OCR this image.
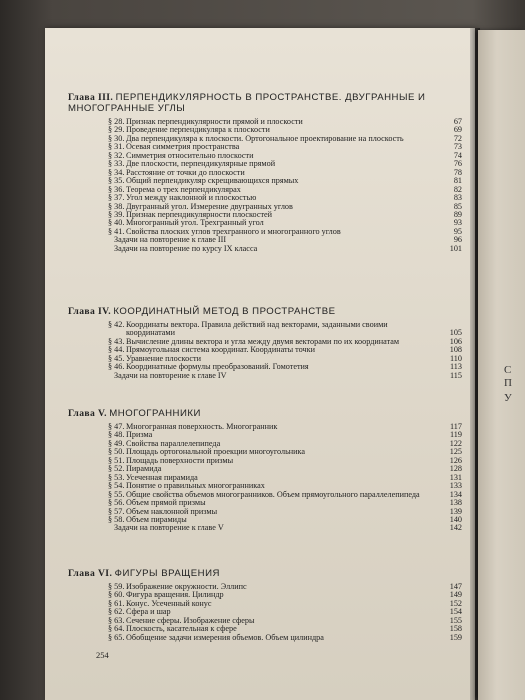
С
П
У
Глава III. ПЕРПЕНДИКУЛЯРНОСТЬ В ПРОСТРАНСТВЕ. ДВУГРАННЫЕ И МНОГОГРАННЫЕ УГЛЫ
§ 28. Признак перпендикулярности прямой и плоскости	67
§ 29. Проведение перпендикуляра к плоскости	69
§ 30. Два перпендикуляра к плоскости. Ортогональное проектирование на плоскость	72
§ 31. Осевая симметрия пространства	73
§ 32. Симметрия относительно плоскости	74
§ 33. Две плоскости, перпендикулярные прямой	76
§ 34. Расстояние от точки до плоскости	78
§ 35. Общий перпендикуляр скрещивающихся прямых	81
§ 36. Теорема о трех перпендикулярах	82
§ 37. Угол между наклонной и плоскостью	83
§ 38. Двугранный угол. Измерение двугранных углов	85
§ 39. Признак перпендикулярности плоскостей	89
§ 40. Многогранный угол. Трехгранный угол	93
§ 41. Свойства плоских углов трехгранного и многогранного углов	95
Задачи на повторение к главе III	96
Задачи на повторение по курсу IX класса	101
Глава IV. КООРДИНАТНЫЙ МЕТОД В ПРОСТРАНСТВЕ
§ 42. Координаты вектора. Правила действий над векторами, заданными своими координатами	105
§ 43. Вычисление длины вектора и угла между двумя векторами по их координатам	106
§ 44. Прямоугольная система координат. Координаты точки	108
§ 45. Уравнение плоскости	110
§ 46. Координатные формулы преобразований. Гомотетия	113
Задачи на повторение к главе IV	115
Глава V. МНОГОГРАННИКИ
§ 47. Многогранная поверхность. Многогранник	117
§ 48. Призма	119
§ 49. Свойства параллелепипеда	122
§ 50. Площадь ортогональной проекции многоугольника	125
§ 51. Площадь поверхности призмы	126
§ 52. Пирамида	128
§ 53. Усеченная пирамида	131
§ 54. Понятие о правильных многогранниках	133
§ 55. Общие свойства объемов многогранников. Объем прямоугольного параллелепипеда	134
§ 56. Объем прямой призмы	138
§ 57. Объем наклонной призмы	139
§ 58. Объем пирамиды	140
Задачи на повторение к главе V	142
Глава VI. ФИГУРЫ ВРАЩЕНИЯ
§ 59. Изображение окружности. Эллипс	147
§ 60. Фигура вращения. Цилиндр	149
§ 61. Конус. Усеченный конус	152
§ 62. Сфера и шар	154
§ 63. Сечение сферы. Изображение сферы	155
§ 64. Плоскость, касательная к сфере	158
§ 65. Обобщение задачи измерения объемов. Объем цилиндра	159
254
